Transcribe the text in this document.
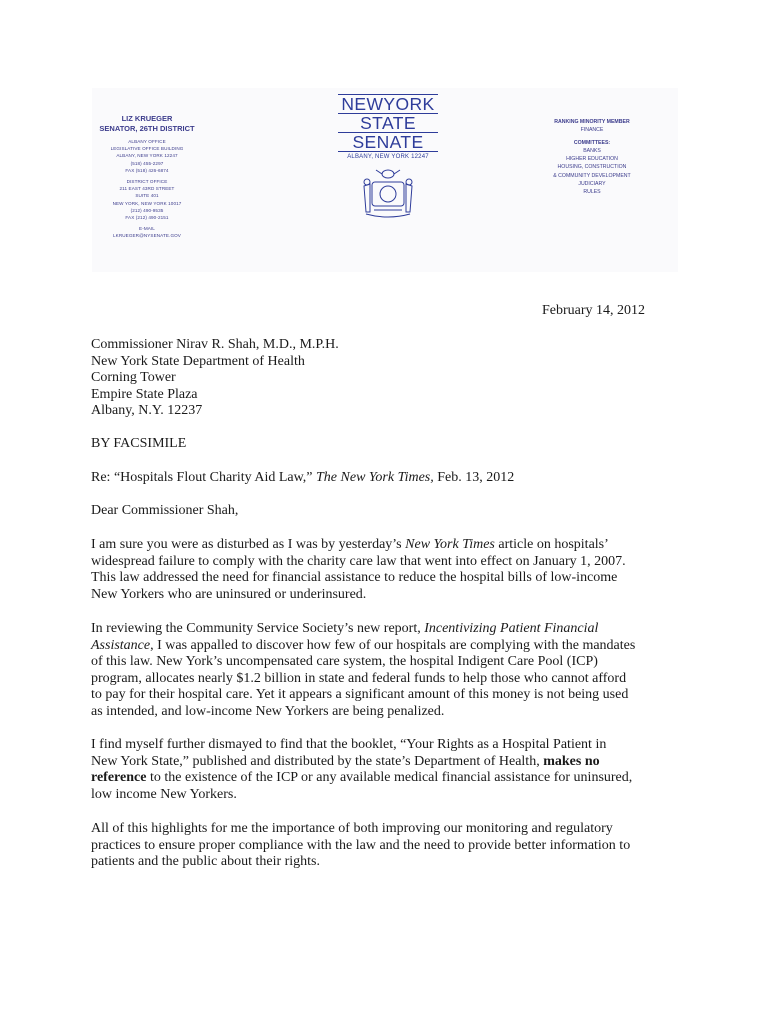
LIZ KRUEGER
SENATOR, 26TH DISTRICT
ALBANY OFFICE
LEGISLATIVE OFFICE BUILDING
ALBANY, NEW YORK 12247
(518) 455-2297
FAX (518) 426-6874
DISTRICT OFFICE
211 EAST 43RD STREET
SUITE 401
NEW YORK, NEW YORK 10017
(212) 490-9535
FAX (212) 490-2151
E-MAIL
LKRUEGER@NYSENATE.GOV
NEWYORK
STATE
SENATE
ALBANY, NEW YORK 12247
RANKING MINORITY MEMBER
FINANCE
COMMITTEES:
BANKS
HIGHER EDUCATION
HOUSING, CONSTRUCTION
& COMMUNITY DEVELOPMENT
JUDICIARY
RULES
February 14, 2012
Commissioner Nirav R. Shah, M.D., M.P.H.
New York State Department of Health
Corning Tower
Empire State Plaza
Albany, N.Y. 12237
BY FACSIMILE
Re: “Hospitals Flout Charity Aid Law,” The New York Times, Feb. 13, 2012
Dear Commissioner Shah,
I am sure you were as disturbed as I was by yesterday’s New York Times article on hospitals’
widespread failure to comply with the charity care law that went into effect on January 1, 2007.
This law addressed the need for financial assistance to reduce the hospital bills of low-income
New Yorkers who are uninsured or underinsured.
In reviewing the Community Service Society’s new report, Incentivizing Patient Financial
Assistance, I was appalled to discover how few of our hospitals are complying with the mandates
of this law. New York’s uncompensated care system, the hospital Indigent Care Pool (ICP)
program, allocates nearly $1.2 billion in state and federal funds to help those who cannot afford
to pay for their hospital care. Yet it appears a significant amount of this money is not being used
as intended, and low-income New Yorkers are being penalized.
I find myself further dismayed to find that the booklet, “Your Rights as a Hospital Patient in
New York State,” published and distributed by the state’s Department of Health, makes no
reference to the existence of the ICP or any available medical financial assistance for uninsured,
low income New Yorkers.
All of this highlights for me the importance of both improving our monitoring and regulatory
practices to ensure proper compliance with the law and the need to provide better information to
patients and the public about their rights.
